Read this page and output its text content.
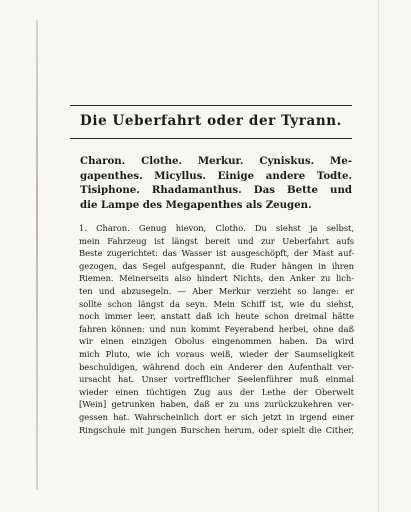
Die Ueberfahrt oder der Tyrann.
Charon. Clothe. Merkur. Cyniskus. Me-
gapenthes. Micyllus. Einige andere Todte.
Tisiphone. Rhadamanthus. Das Bette und
die Lampe des Megapenthes als Zeugen.
1. Charon. Genug hievon, Clotho. Du siehst ja selbst,
mein Fahrzeug ist längst bereit und zur Ueberfahrt aufs
Beste zugerichtet: das Wasser ist ausgeschöpft, der Mast auf-
gezogen, das Segel aufgespannt, die Ruder hängen in ihren
Riemen. Meinerseits also hindert Nichts, den Anker zu lich-
ten und abzusegeln. — Aber Merkur verzieht so lange: er
sollte schon längst da seyn. Mein Schiff ist, wie du siehst,
noch immer leer, anstatt daß ich heute schon dreimal hätte
fahren können: und nun kommt Feyerabend herbei, ohne daß
wir einen einzigen Obolus eingenommen haben. Da wird
mich Pluto, wie ich voraus weiß, wieder der Saumseligkeit
beschuldigen, während doch ein Anderer den Aufenthalt ver-
ursacht hat. Unser vortrefflicher Seelenführer muß einmal
wieder einen tüchtigen Zug aus der Lethe der Oberwelt
[Wein] getrunken haben, daß er zu uns zurückzukehren ver-
gessen hat. Wahrscheinlich dort er sich jetzt in irgend einer
Ringschule mit jungen Burschen herum, oder spielt die Cither,
